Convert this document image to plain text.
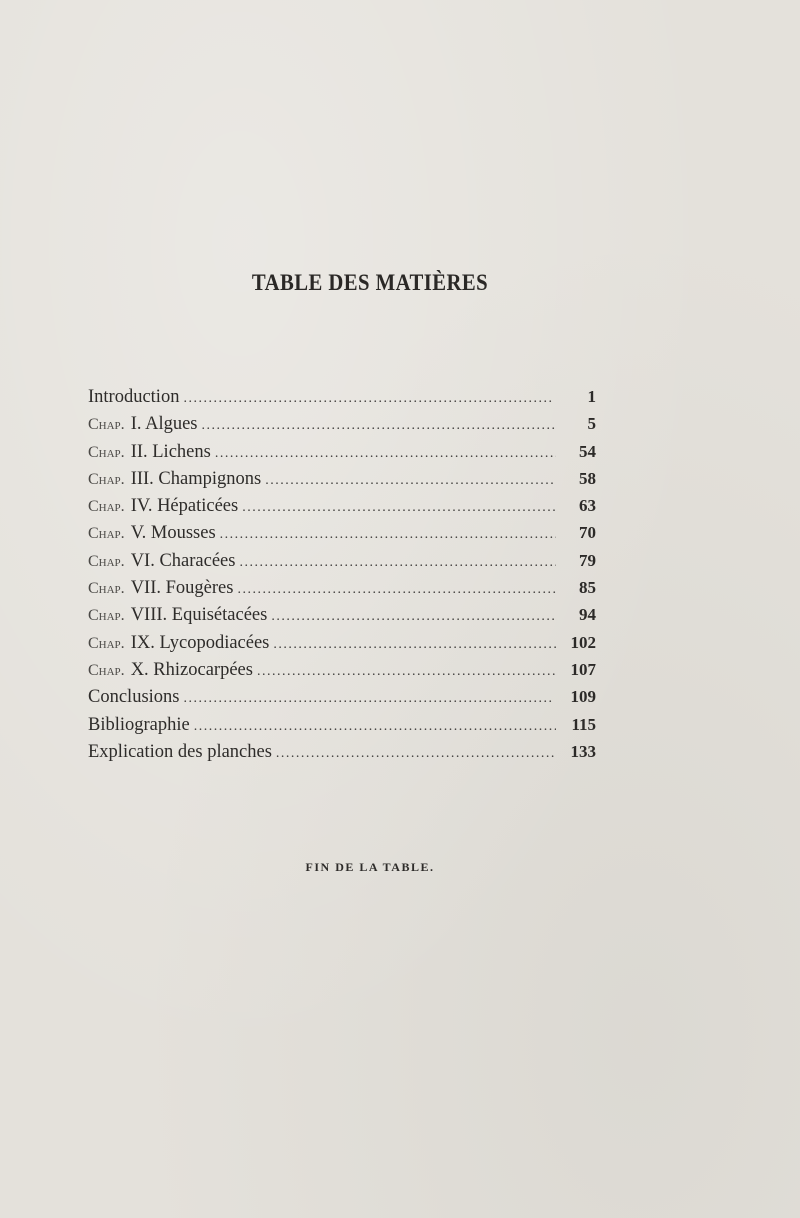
TABLE DES MATIÈRES
Introduction . . .	1
Chap. I. Algues . . .	5
Chap. II. Lichens . . .	54
Chap. III. Champignons . . .	58
Chap. IV. Hépaticées . . .	63
Chap. V. Mousses . . .	70
Chap. VI. Characées . . .	79
Chap. VII. Fougères . . .	85
Chap. VIII. Equisétacées . . .	94
Chap. IX. Lycopodiacées . . .	102
Chap. X. Rhizocarpées . . .	107
Conclusions . . .	109
Bibliographie . . .	115
Explication des planches . . .	133
FIN DE LA TABLE.
